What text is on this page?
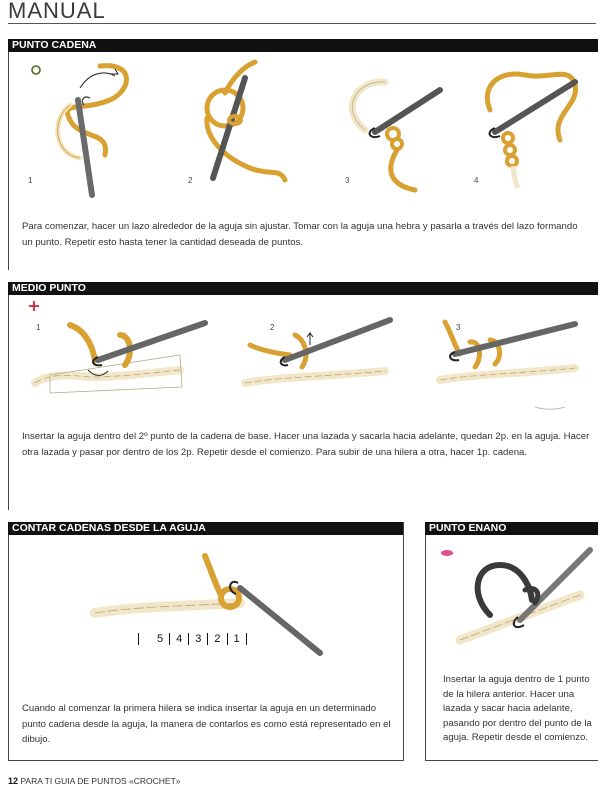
MANUAL
PUNTO CADENA
1	2	3	4
Para comenzar, hacer un lazo alrededor de la aguja sin ajustar. Tomar con la aguja una hebra y pasarla a través del lazo formando un punto. Repetir esto hasta tener la cantidad deseada de puntos.
MEDIO PUNTO
1	2	3
Insertar la aguja dentro del 2º punto de la cadena de base. Hacer una lazada y sacarla hacia adelante, quedan 2p. en la aguja. Hacer otra lazada y pasar por dentro de los 2p. Repetir desde el comienzo. Para subir de una hilera a otra, hacer 1p. cadena.
CONTAR CADENAS DESDE LA AGUJA
5 4 3 2 1
Cuando al comenzar la primera hilera se indica insertar la aguja en un determinado punto cadena desde la aguja, la manera de contarlos es como está representado en el dibujo.
PUNTO ENANO
Insertar la aguja dentro de 1 punto de la hilera anterior. Hacer una lazada y sacar hacia adelante, pasando por dentro del punto de la aguja. Repetir desde el comienzo.
12 PARA TI GUIA DE PUNTOS «CROCHET»
